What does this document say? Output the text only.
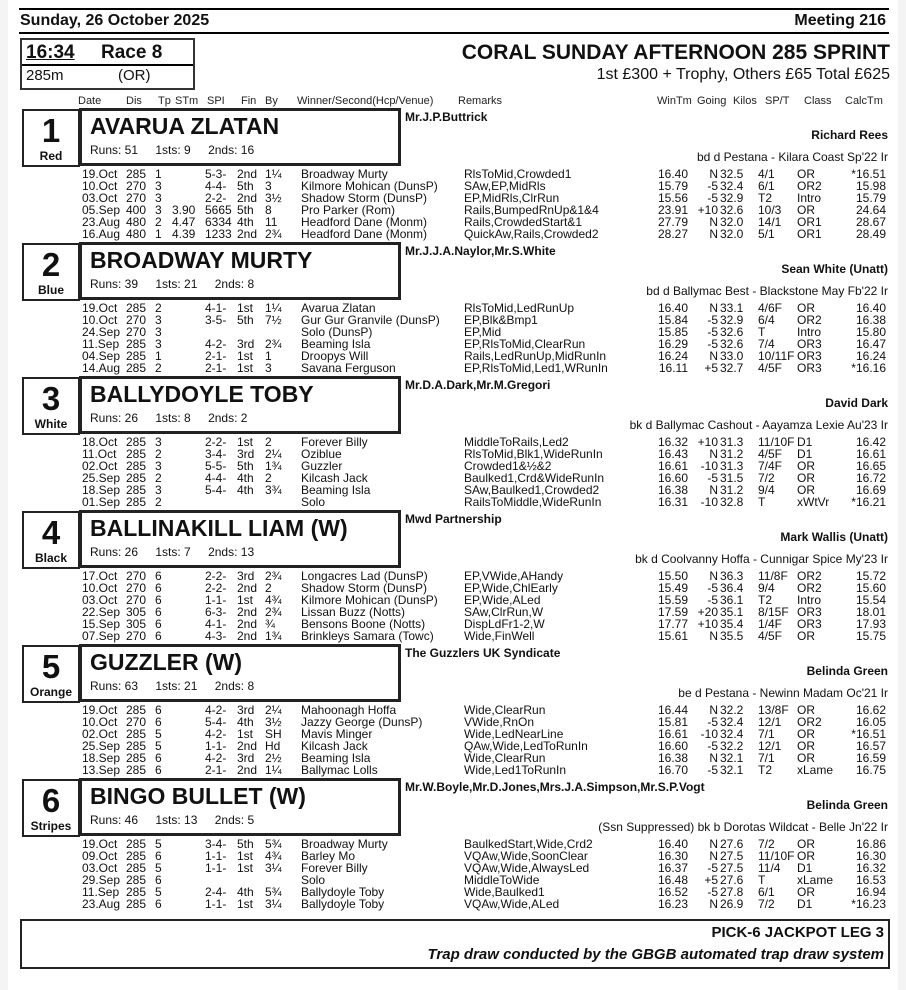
Sunday, 26 October 2025	Meeting 216
16:34 Race 8
285m	(OR)
CORAL SUNDAY AFTERNOON 285 SPRINT
1st £300 + Trophy, Others £65 Total £625
Date Dis Tp STm SPI Fin By Winner/Second(Hcp/Venue) Remarks	WinTm Going Kilos SP/T Class CalcTm
1
Red
AVARUA ZLATAN
Runs: 51 1sts: 9 2nds: 16
Mr.J.P.Buttrick
Richard Rees
bd d Pestana - Kilara Coast Sp'22 Ir
19.Oct 285 1	5-3- 2nd 1¼ Broadway Murty	RlsToMid,Crowded1	16.40	N 32.5 4/1 OR	*16.51
10.Oct 270 3	4-4- 5th 3 Kilmore Mohican (DunsP) SAw,EP,MidRls	15.79	-5 32.4 6/1 OR2	15.98
03.Oct 270 3	2-2- 2nd 3½ Shadow Storm (DunsP)	EP,MidRls,ClrRun	15.56	-5 32.9 T2 Intro	15.79
05.Sep 400 3 3.90 5665 5th 8 Pro Parker (Rom)	Rails,BumpedRnUp&1&4	23.91 +10 32.6 10/3 OR	24.64
23.Aug 480 2 4.47 6334 4th 11 Headford Dane (Monm)	Rails,CrowdedStart&1	27.79	N 32.0 14/1 OR1	28.67
16.Aug 480 1 4.39 1233 2nd 2¾ Headford Dane (Monm)	QuickAw,Rails,Crowded2	28.27	N 32.0 5/1 OR1	28.49
2
Blue
BROADWAY MURTY
Runs: 39 1sts: 21 2nds: 8
Mr.J.J.A.Naylor,Mr.S.White
Sean White (Unatt)
bd d Ballymac Best - Blackstone May Fb'22 Ir
19.Oct 285 2	4-1- 1st 1¼ Avarua Zlatan	RlsToMid,LedRunUp	16.40	N 33.1 4/6F OR	16.40
10.Oct 270 3	3-5- 5th 7½ Gur Gur Granvile (DunsP) EP,Blk&Bmp1	15.84	-5 32.9 6/4 OR2	16.38
24.Sep 270 3	Solo (DunsP)	EP,Mid	15.85	-5 32.6 T	Intro	15.80
11.Sep 285 3	4-2- 3rd 2¾ Beaming Isla	EP,RlsToMid,ClearRun	16.29	-5 32.6 7/4 OR3	16.47
04.Sep 285 1	2-1- 1st 1 Droopys Will	Rails,LedRunUp,MidRunIn	16.24	N 33.0 10/11F OR3	16.24
14.Aug 285 2	2-1- 1st 3 Savana Ferguson	EP,RlsToMid,Led1,WRunIn	16.11	+5 32.7 4/5F OR3	*16.16
3
White
BALLYDOYLE TOBY
Runs: 26 1sts: 8 2nds: 2
Mr.D.A.Dark,Mr.M.Gregori
David Dark
bk d Ballymac Cashout - Aayamza Lexie Au'23 Ir
18.Oct 285 3	2-2- 1st 2 Forever Billy	MiddleToRails,Led2	16.32 +10 31.3 11/10F D1	16.42
11.Oct 285 2	3-4- 3rd 2¼ Oziblue	RlsToMid,Blk1,WideRunIn	16.43	N 31.2 4/5F D1	16.61
02.Oct 285 3	5-5- 5th 1¾ Guzzler	Crowded1&½&2	16.61	-10 31.3 7/4F OR	16.65
25.Sep 285 2	4-4- 4th 2 Kilcash Jack	Baulked1,Crd&WideRunIn	16.60	-5 31.5 7/2 OR	16.72
18.Sep 285 3	5-4- 4th 3¾ Beaming Isla	SAw,Baulked1,Crowded2	16.38	N 31.2 9/4 OR	16.69
01.Sep 285 2	Solo	RailsToMiddle,WideRunIn	16.31	-10 32.8 T	xWtVr	*16.21
4
Black
BALLINAKILL LIAM (W)
Runs: 26 1sts: 7 2nds: 13
Mwd Partnership
Mark Wallis (Unatt)
bk d Coolvanny Hoffa - Cunnigar Spice My'23 Ir
17.Oct 270 6	2-2- 3rd 2¾ Longacres Lad (DunsP)	EP,VWide,AHandy	15.50	N 36.3 11/8F OR2	15.72
10.Oct 270 6	2-2- 2nd 2 Shadow Storm (DunsP)	EP,Wide,ChlEarly	15.49	-5 36.4 9/4 OR2	15.60
03.Oct 270 6	1-1- 1st 4¾ Kilmore Mohican (DunsP) EP,Wide,ALed	15.59	-5 36.1 T2 Intro	15.54
22.Sep 305 6	6-3- 2nd 2¾ Lissan Buzz (Notts)	SAw,ClrRun,W	17.59 +20 35.1 8/15F OR3	18.01
15.Sep 305 6	4-1- 2nd ¾ Bensons Boone (Notts)	DispLdFr1-2,W	17.77 +10 35.4 1/4F OR3	17.93
07.Sep 270 6	4-3- 2nd 1¾ Brinkleys Samara (Towc)	Wide,FinWell	15.61	N 35.5 4/5F OR	15.75
5
Orange
GUZZLER (W)
Runs: 63 1sts: 21 2nds: 8
The Guzzlers UK Syndicate
Belinda Green
be d Pestana - Newinn Madam Oc'21 Ir
19.Oct 285 6	4-2- 3rd 2¼ Mahoonagh Hoffa	Wide,ClearRun	16.44	N 32.2 13/8F OR	16.62
10.Oct 270 6	5-4- 4th 3½ Jazzy George (DunsP)	VWide,RnOn	15.81	-5 32.4 12/1 OR2	16.05
02.Oct 285 5	4-2- 1st SH Mavis Minger	Wide,LedNearLine	16.61	-10 32.4 7/1 OR	*16.51
25.Sep 285 5	1-1- 2nd Hd Kilcash Jack	QAw,Wide,LedToRunIn	16.60	-5 32.2 12/1 OR	16.57
18.Sep 285 6	4-2- 3rd 2½ Beaming Isla	Wide,ClearRun	16.38	N 32.1 7/1 OR	16.59
13.Sep 285 6	2-1- 2nd 1¼ Ballymac Lolls	Wide,Led1ToRunIn	16.70	-5 32.1 T2 xLame	16.75
6
Stripes
BINGO BULLET (W)
Runs: 46 1sts: 13 2nds: 5
Mr.W.Boyle,Mr.D.Jones,Mrs.J.A.Simpson,Mr.S.P.Vogt
Belinda Green
(Ssn Suppressed) bk b Dorotas Wildcat - Belle Jn'22 Ir
19.Oct 285 5	3-4- 5th 5¾ Broadway Murty	BaulkedStart,Wide,Crd2	16.40	N 27.6 7/2 OR	16.86
09.Oct 285 6	1-1- 1st 4¾ Barley Mo	VQAw,Wide,SoonClear	16.30	N 27.5 11/10F OR	16.30
03.Oct 285 5	1-1- 1st 3¼ Forever Billy	VQAw,Wide,AlwaysLed	16.37	-5 27.5 11/4 D1	16.32
29.Sep 285 6	Solo	MiddleToWide	16.48	+5 27.6 T	xLame	16.53
11.Sep 285 5	2-4- 4th 5¾ Ballydoyle Toby	Wide,Baulked1	16.52	-5 27.8 6/1 OR	16.94
23.Aug 285 6	1-1- 1st 3¼ Ballydoyle Toby	VQAw,Wide,ALed	16.23	N 26.9 7/2 D1	*16.23
PICK-6 JACKPOT LEG 3
Trap draw conducted by the GBGB automated trap draw system
